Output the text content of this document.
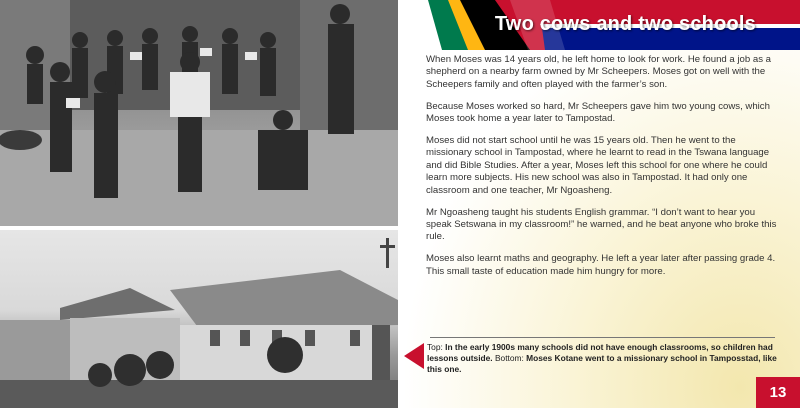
Two cows and two schools

When Moses was 14 years old, he left home to look for work. He found a job as a shepherd on a nearby farm owned by Mr Scheepers. Moses got on well with the Scheepers family and often played with the farmer’s son.

Because Moses worked so hard, Mr Scheepers gave him two young cows, which Moses took home a year later to Tampostad.

Moses did not start school until he was 15 years old. Then he went to the missionary school in Tampostad, where he learnt to read in the Tswana language and did Bible Studies. After a year, Moses left this school for one where he could learn more subjects. His new school was also in Tampostad. It had only one classroom and one teacher, Mr Ngoasheng.

Mr Ngoasheng taught his students English grammar. “I don’t want to hear you speak Setswana in my classroom!” he warned, and he beat anyone who broke this rule.

Moses also learnt maths and geography. He left a year later after passing grade 4. This small taste of education made him hungry for more.

Top: In the early 1900s many schools did not have enough classrooms, so children had lessons outside. Bottom: Moses Kotane went to a missionary school in Tamposstad, like this one.
13
